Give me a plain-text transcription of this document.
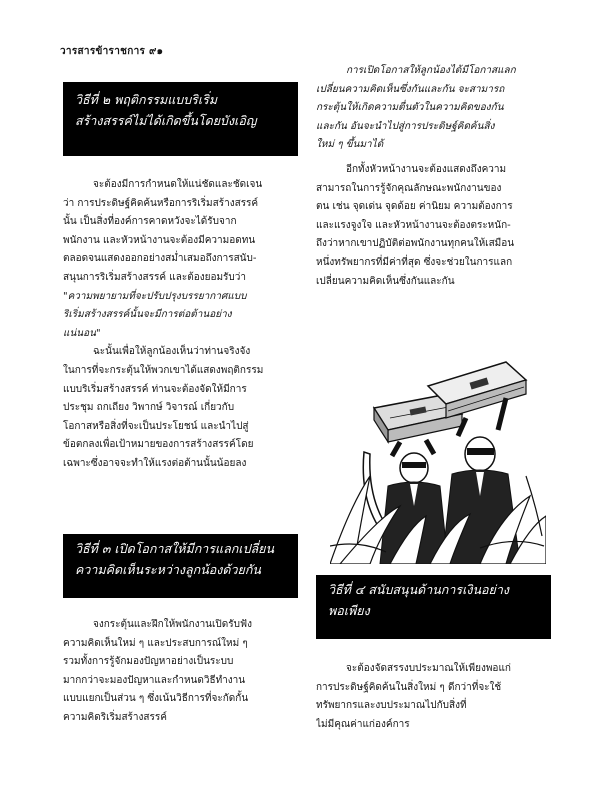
วารสารข้าราชการ ๙๑
วิธีที่ ๒ พฤติกรรมแบบริเริ่ม
สร้างสรรค์ไม่ได้เกิดขึ้นโดยบังเอิญ

จะต้องมีการกำหนดให้แน่ชัดและชัดเจน
ว่า การประดิษฐ์คิดค้นหรือการริเริ่มสร้างสรรค์
นั้น เป็นสิ่งที่องค์การคาดหวังจะได้รับจาก
พนักงาน และหัวหน้างานจะต้องมีความอดทน
ตลอดจนแสดงออกอย่างสม่ำเสมอถึงการสนับ-
สนุนการริเริ่มสร้างสรรค์ และต้องยอมรับว่า

"ความพยายามที่จะปรับปรุงบรรยากาศแบบ
ริเริ่มสร้างสรรค์นั้นจะมีการต่อต้านอย่าง
แน่นอน"

ฉะนั้นเพื่อให้ลูกน้องเห็นว่าท่านจริงจัง
ในการที่จะกระตุ้นให้พวกเขาได้แสดงพฤติกรรม
แบบริเริ่มสร้างสรรค์ ท่านจะต้องจัดให้มีการ
ประชุม ถกเถียง วิพากษ์ วิจารณ์ เกี่ยวกับ
โอกาสหรือสิ่งที่จะเป็นประโยชน์ และนำไปสู่
ข้อตกลงเพื่อเป้าหมายของการสร้างสรรค์โดย
เฉพาะซึ่งอาจจะทำให้แรงต่อต้านนั้นน้อยลง

วิธีที่ ๓ เปิดโอกาสให้มีการแลกเปลี่ยน
ความคิดเห็นระหว่างลูกน้องด้วยกัน

จงกระตุ้นและฝึกให้พนักงานเปิดรับฟัง
ความคิดเห็นใหม่ ๆ และประสบการณ์ใหม่ ๆ
รวมทั้งการรู้จักมองปัญหาอย่างเป็นระบบ
มากกว่าจะมองปัญหาและกำหนดวิธีทำงาน
แบบแยกเป็นส่วน ๆ ซึ่งเน้นวิธีการที่จะกัดกั้น
ความคิดริเริ่มสร้างสรรค์

การเปิดโอกาสให้ลูกน้องได้มีโอกาสแลก
เปลี่ยนความคิดเห็นซึ่งกันและกัน จะสามารถ
กระตุ้นให้เกิดความตื่นตัวในความคิดของกัน
และกัน อันจะนำไปสู่การประดิษฐ์คิดค้นสิ่ง
ใหม่ ๆ ขึ้นมาได้

อีกทั้งหัวหน้างานจะต้องแสดงถึงความ
สามารถในการรู้จักคุณลักษณะพนักงานของ
ตน เช่น จุดเด่น จุดด้อย ค่านิยม ความต้องการ
และแรงจูงใจ และหัวหน้างานจะต้องตระหนัก-
ถึงว่าหากเขาปฏิบัติต่อพนักงานทุกคนให้เสมือน
หนึ่งทรัพยากรที่มีค่าที่สุด ซึ่งจะช่วยในการแลก
เปลี่ยนความคิดเห็นซึ่งกันและกัน

วิธีที่ ๔ สนับสนุนด้านการเงินอย่าง
พอเพียง

จะต้องจัดสรรงบประมาณให้เพียงพอแก่
การประดิษฐ์คิดค้นในสิ่งใหม่ ๆ ดีกว่าที่จะใช้
ทรัพยากรและงบประมาณไปกับสิ่งที่
ไม่มีคุณค่าแก่องค์การ
